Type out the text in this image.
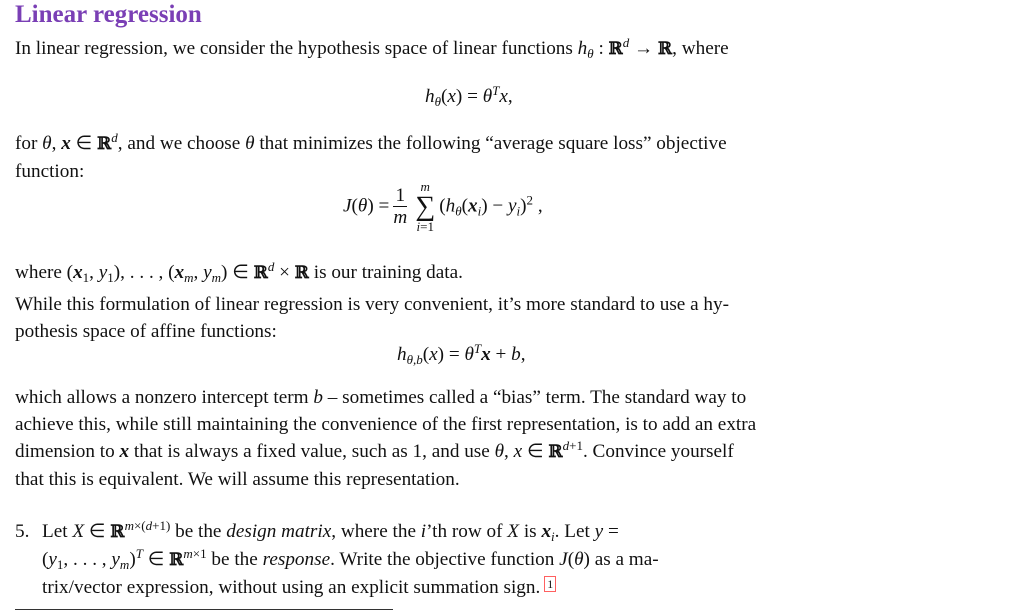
Linear regression
In linear regression, we consider the hypothesis space of linear functions $h_\theta$ : ℝ$^d$ → ℝ, where
$h_\theta(x) = \theta^Tx$,
for θ, x ∈ ℝ$^d$, and we choose θ that minimizes the following “average square loss” objective
function:
$J(\theta) = \frac{1}{m}$	m
∑
i=1
$(h_\theta(x_i) - y_i)^2$ ,
where ($x_1$, $y_1$), . . . , ($x_m$, $y_m$) ∈ ℝ$^d$ × ℝ is our training data.
While this formulation of linear regression is very convenient, it’s more standard to use a hy-
pothesis space of affine functions:
$h_{\theta,b}(x) = \theta^Tx + b$,
which allows a nonzero intercept term b – sometimes called a “bias” term. The standard way to
achieve this, while still maintaining the convenience of the first representation, is to add an extra
dimension to x that is always a fixed value, such as 1, and use θ, x ∈ ℝ$^{d+1}$. Convince yourself
that this is equivalent. We will assume this representation.
5. Let X ∈ ℝ$^{m\times(d+1)}$ be the design matrix, where the i’th row of X is $x_i$. Let y =
($y_1$, . . . , $y_m)^T$ ∈ ℝ$^{m\times 1}$ be the response. Write the objective function J(θ) as a ma-
trix/vector expression, without using an explicit summation sign. 1
